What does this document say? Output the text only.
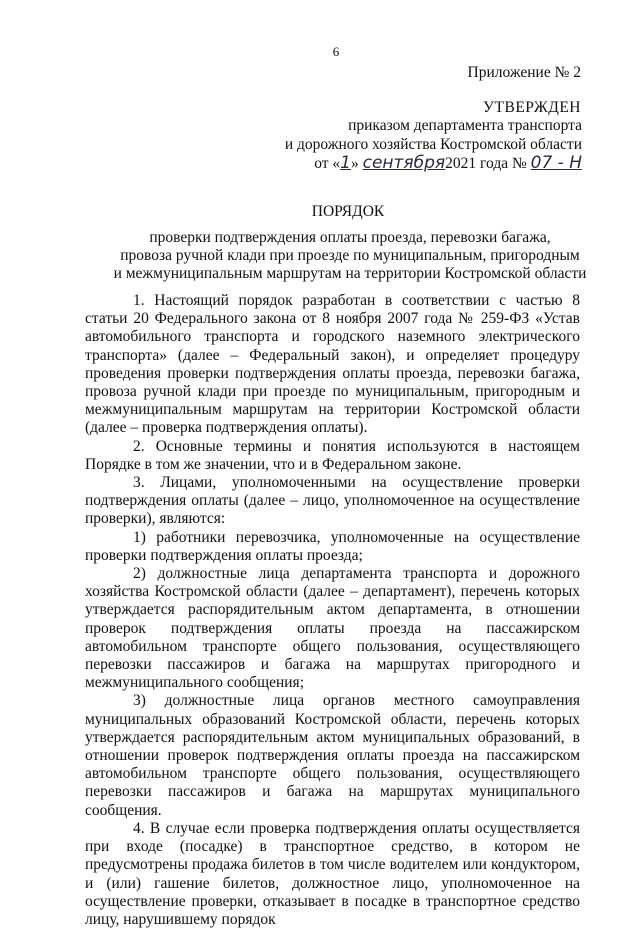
6
Приложение № 2
УТВЕРЖДЕН
приказом департамента транспорта
и дорожного хозяйства Костромской области
от «1» сентября2021 года № 07 - Н
ПОРЯДОК
проверки подтверждения оплаты проезда, перевозки багажа,
провоза ручной клади при проезде по муниципальным, пригородным
и межмуниципальным маршрутам на территории Костромской области

1. Настоящий порядок разработан в соответствии с частью 8 статьи 20 Федерального закона от 8 ноября 2007 года № 259-ФЗ «Устав автомобильного транспорта и городского наземного электрического транспорта» (далее – Федеральный закон), и определяет процедуру проведения проверки подтверждения оплаты проезда, перевозки багажа, провоза ручной клади при проезде по муниципальным, пригородным и межмуниципальным маршрутам на территории Костромской области (далее – проверка подтверждения оплаты).

2. Основные термины и понятия используются в настоящем Порядке в том же значении, что и в Федеральном законе.

3. Лицами, уполномоченными на осуществление проверки подтверждения оплаты (далее – лицо, уполномоченное на осуществление проверки), являются:

1) работники перевозчика, уполномоченные на осуществление проверки подтверждения оплаты проезда;

2) должностные лица департамента транспорта и дорожного хозяйства Костромской области (далее – департамент), перечень которых утверждается распорядительным актом департамента, в отношении проверок подтверждения оплаты проезда на пассажирском автомобильном транспорте общего пользования, осуществляющего перевозки пассажиров и багажа на маршрутах пригородного и межмуниципального сообщения;

3) должностные лица органов местного самоуправления муниципальных образований Костромской области, перечень которых утверждается распорядительным актом муниципальных образований, в отношении проверок подтверждения оплаты проезда на пассажирском автомобильном транспорте общего пользования, осуществляющего перевозки пассажиров и багажа на маршрутах муниципального сообщения.

4. В случае если проверка подтверждения оплаты осуществляется при входе (посадке) в транспортное средство, в котором не предусмотрены продажа билетов в том числе водителем или кондуктором, и (или) гашение билетов, должностное лицо, уполномоченное на осуществление проверки, отказывает в посадке в транспортное средство лицу, нарушившему порядок
